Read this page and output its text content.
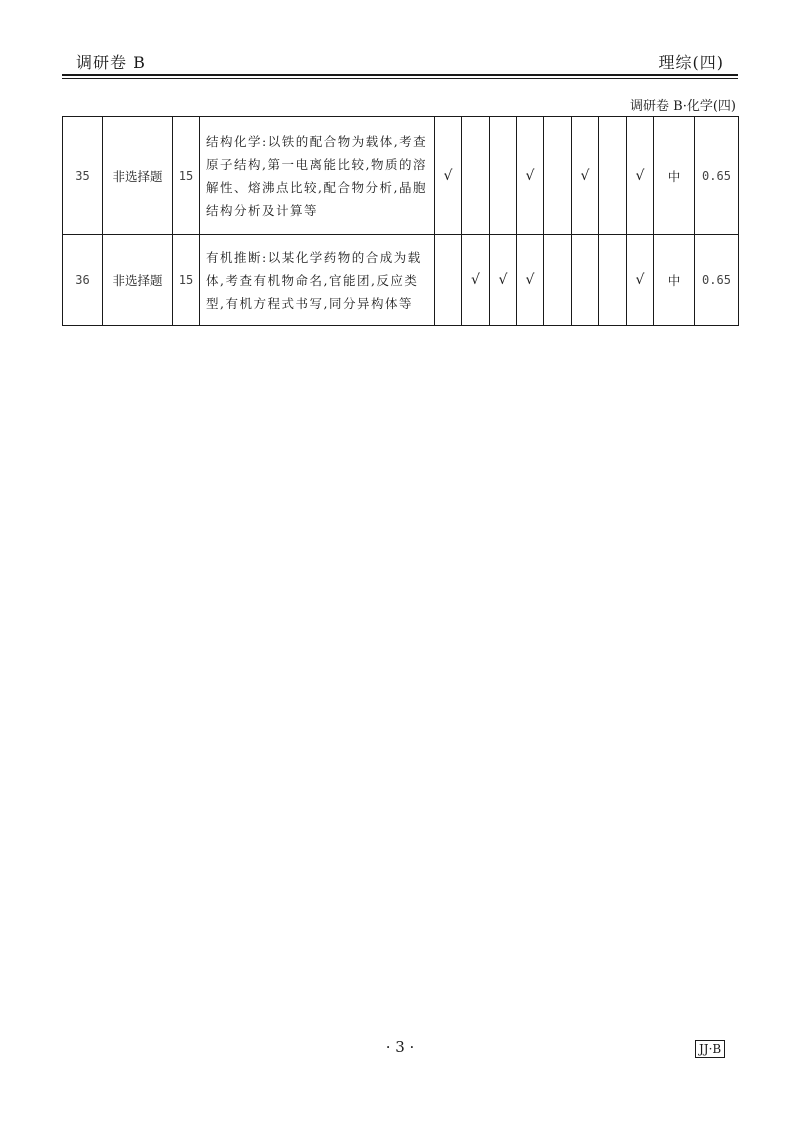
调研卷 B	理综(四)
调研卷 B·化学(四)
35	非选择题	15	结构化学:以铁的配合物为载体,考查原子结构,第一电离能比较,物质的溶解性、熔沸点比较,配合物分析,晶胞结构分析及计算等	√			√		√		√	中	0.65
36	非选择题	15	有机推断:以某化学药物的合成为载体,考查有机物命名,官能团,反应类型,有机方程式书写,同分异构体等		√	√	√				√	中	0.65
· 3 ·	JJ·B
